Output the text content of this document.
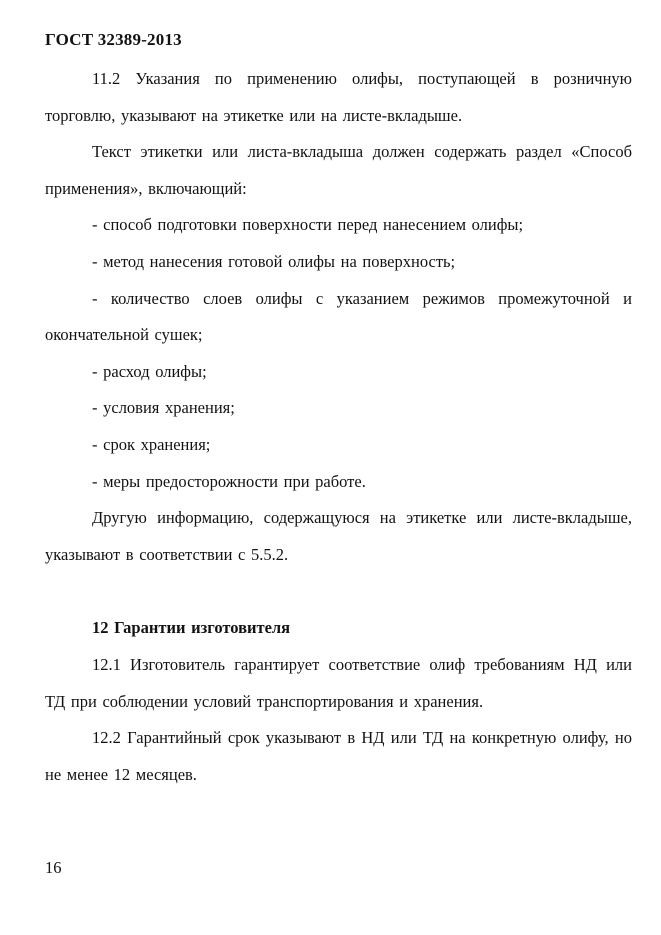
ГОСТ 32389-2013

11.2 Указания по применению олифы, поступающей в розничную торговлю, указывают на этикетке или на листе-вкладыше.

Текст этикетки или листа-вкладыша должен содержать раздел «Способ применения», включающий:

- способ подготовки поверхности перед нанесением олифы;

- метод нанесения готовой олифы на поверхность;

- количество слоев олифы с указанием режимов промежуточной и окончательной сушек;

- расход олифы;

- условия хранения;

- срок хранения;

- меры предосторожности при работе.

Другую информацию, содержащуюся на этикетке или листе-вкладыше, указывают в соответствии с 5.5.2.

12 Гарантии изготовителя

12.1 Изготовитель гарантирует соответствие олиф требованиям НД или ТД при соблюдении условий транспортирования и хранения.

12.2 Гарантийный срок указывают в НД или ТД на конкретную олифу, но не менее 12 месяцев.

16
